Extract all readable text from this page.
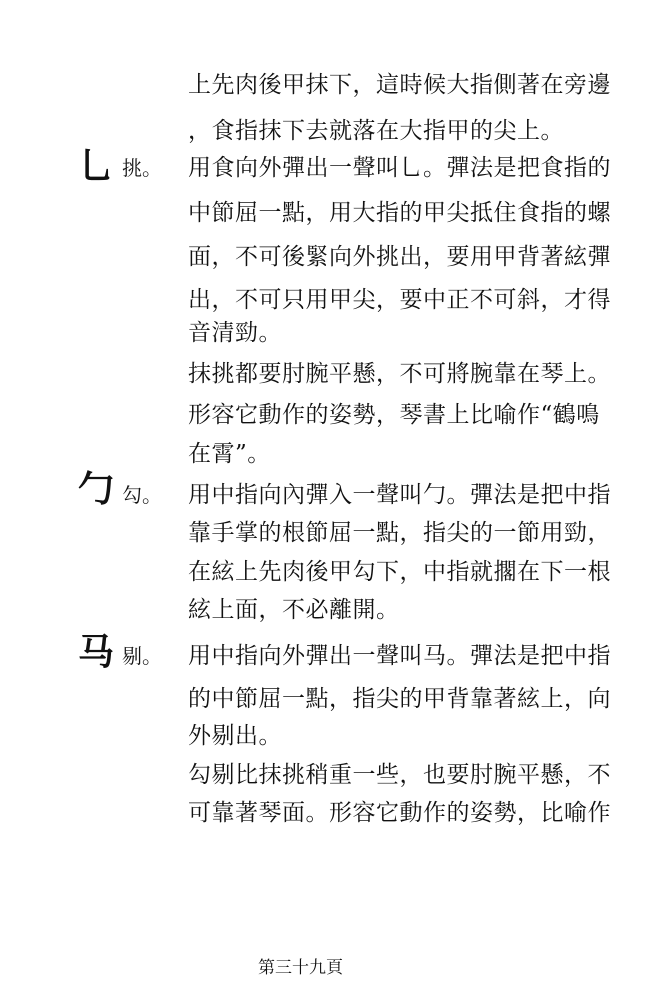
上先肉後甲抹下，這時候大指側著在旁邊
，食指抹下去就落在大指甲的尖上。
乚 挑。 用食向外彈出一聲叫乚。彈法是把食指的
中節屈一點，用大指的甲尖抵住食指的螺
面，不可後緊向外挑出，要用甲背著絃彈
出，不可只用甲尖，要中正不可斜，才得
音清勁。
抹挑都要肘腕平懸，不可將腕靠在琴上。
形容它動作的姿勢，琴書上比喻作“鶴鳴
在霄”。
勹 勾。 用中指向內彈入一聲叫勹。彈法是把中指
靠手掌的根節屈一點，指尖的一節用勁，
在絃上先肉後甲勾下，中指就擱在下一根
絃上面，不必離開。
马 剔。 用中指向外彈出一聲叫马。彈法是把中指
的中節屈一點，指尖的甲背靠著絃上，向
外剔出。
勾剔比抹挑稍重一些，也要肘腕平懸，不
可靠著琴面。形容它動作的姿勢，比喻作
第三十九頁
